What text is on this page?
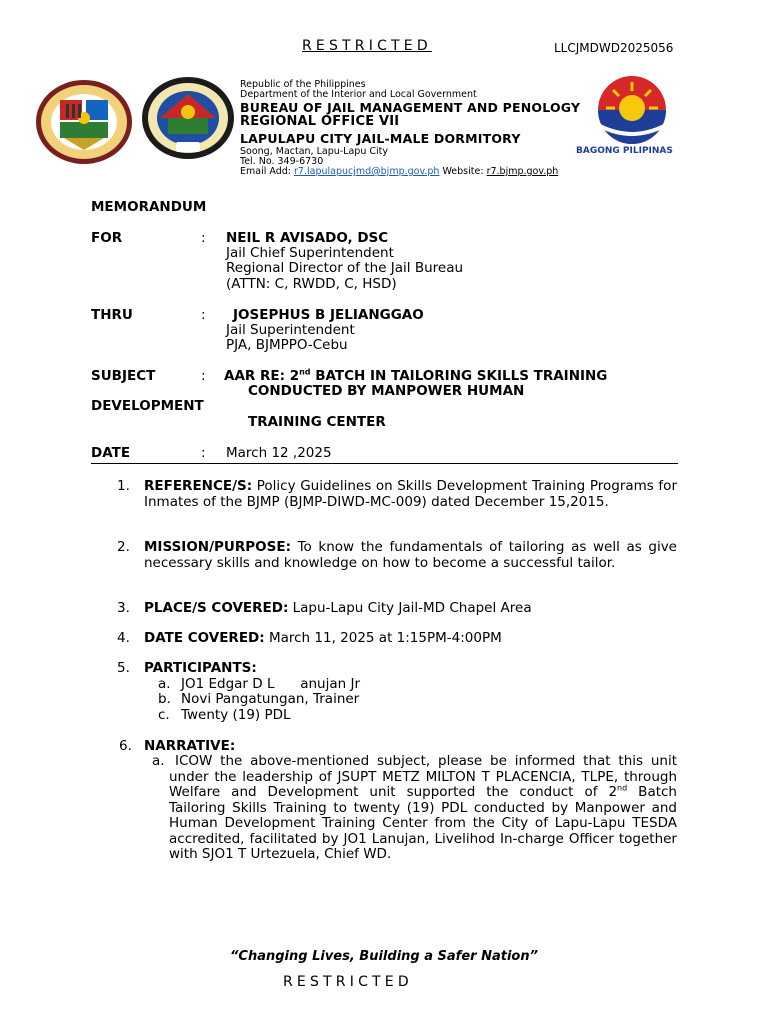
RESTRICTED	LLCJMDWD2025056
Republic of the Philippines
Department of the Interior and Local Government
BUREAU OF JAIL MANAGEMENT AND PENOLOGY
REGIONAL OFFICE VII
LAPULAPU CITY JAIL-MALE DORMITORY
Soong, Mactan, Lapu-Lapu City
Tel. No. 349-6730
Email Add: r7.lapulapucjmd@bjmp.gov.ph Website: r7.bjmp.gov.ph
BAGONG PILIPINAS
MEMORANDUM
FOR	: NEIL R AVISADO, DSC
Jail Chief Superintendent
Regional Director of the Jail Bureau
(ATTN: C, RWDD, C, HSD)
THRU	: JOSEPHUS B JELIANGGAO
Jail Superintendent
PJA, BJMPPO-Cebu
SUBJECT	: AAR RE: 2nd BATCH IN TAILORING SKILLS TRAINING
CONDUCTED BY MANPOWER HUMAN
DEVELOPMENT
TRAINING CENTER
DATE	: March 12 ,2025
1. REFERENCE/S: Policy Guidelines on Skills Development Training Programs for Inmates of the BJMP (BJMP-DIWD-MC-009) dated December 15,2015.
2. MISSION/PURPOSE: To know the fundamentals of tailoring as well as give necessary skills and knowledge on how to become a successful tailor.
3. PLACE/S COVERED: Lapu-Lapu City Jail-MD Chapel Area
4. DATE COVERED: March 11, 2025 at 1:15PM-4:00PM
5. PARTICIPANTS:
a. JO1 Edgar D L      anujan Jr
b. Novi Pangatungan, Trainer
c. Twenty (19) PDL
6. NARRATIVE:
a. ICOW the above-mentioned subject, please be informed that this unit under the leadership of JSUPT METZ MILTON T PLACENCIA, TLPE, through Welfare and Development unit supported the conduct of 2nd Batch Tailoring Skills Training to twenty (19) PDL conducted by Manpower and Human Development Training Center from the City of Lapu-Lapu TESDA accredited, facilitated by JO1 Lanujan, Livelihod In-charge Officer together with SJO1 T Urtezuela, Chief WD.
“Changing Lives, Building a Safer Nation”
RESTRICTED
